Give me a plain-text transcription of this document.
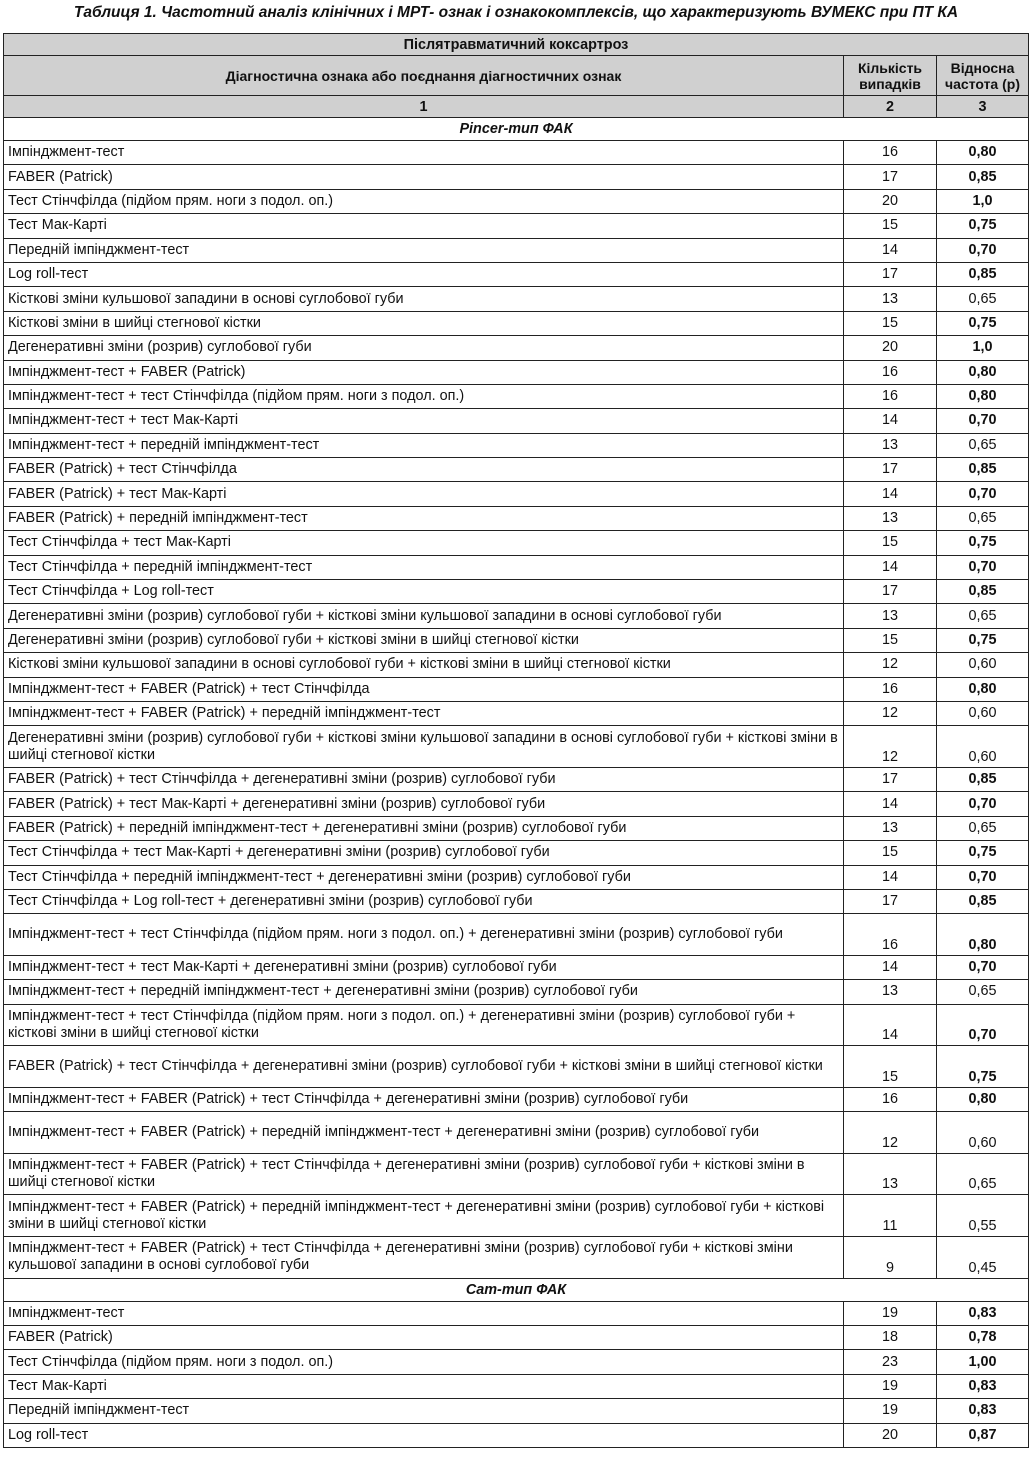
Таблиця 1. Частотний аналіз клінічних і МРТ- ознак і ознакокомплексів, що характеризують ВУМЕКС при ПТ КА
Післятравматичний коксартроз		
Діагностична ознака або поєднання діагностичних ознак	Кількість випадків	Відносна частота (p)
1	2	3
Pincer-тип ФАК		
Імпінджмент-тест	16	0,80
FABER (Patrick)	17	0,85
Тест Стінчфілда (підйом прям. ноги з подол. оп.)	20	1,0
Тест Мак-Карті	15	0,75
Передній імпінджмент-тест	14	0,70
Log roll-тест	17	0,85
Кісткові зміни кульшової западини в основі суглобової губи	13	0,65
Кісткові зміни в шийці стегнової кістки	15	0,75
Дегенеративні зміни (розрив) суглобової губи	20	1,0
Імпінджмент-тест + FABER (Patrick)	16	0,80
Імпінджмент-тест + тест Стінчфілда (підйом прям. ноги з подол. оп.)	16	0,80
Імпінджмент-тест + тест Мак-Карті	14	0,70
Імпінджмент-тест + передній імпінджмент-тест	13	0,65
FABER (Patrick) + тест Стінчфілда	17	0,85
FABER (Patrick) + тест Мак-Карті	14	0,70
FABER (Patrick) + передній імпінджмент-тест	13	0,65
Тест Стінчфілда + тест Мак-Карті	15	0,75
Тест Стінчфілда + передній імпінджмент-тест	14	0,70
Тест Стінчфілда + Log roll-тест	17	0,85
Дегенеративні зміни (розрив) суглобової губи + кісткові зміни кульшової западини в основі суглобової губи	13	0,65
Дегенеративні зміни (розрив) суглобової губи + кісткові зміни в шийці стегнової кістки	15	0,75
Кісткові зміни кульшової западини в основі суглобової губи + кісткові зміни в шийці стегнової кістки	12	0,60
Імпінджмент-тест + FABER (Patrick) + тест Стінчфілда	16	0,80
Імпінджмент-тест + FABER (Patrick) + передній імпінджмент-тест	12	0,60
Дегенеративні зміни (розрив) суглобової губи + кісткові зміни кульшової западини в основі суглобової губи + кісткові зміни в шийці стегнової кістки	12	0,60
FABER (Patrick) + тест Стінчфілда + дегенеративні зміни (розрив) суглобової губи	17	0,85
FABER (Patrick) + тест Мак-Карті + дегенеративні зміни (розрив) суглобової губи	14	0,70
FABER (Patrick) + передній імпінджмент-тест + дегенеративні зміни (розрив) суглобової губи	13	0,65
Тест Стінчфілда + тест Мак-Карті + дегенеративні зміни (розрив) суглобової губи	15	0,75
Тест Стінчфілда + передній імпінджмент-тест + дегенеративні зміни (розрив) суглобової губи	14	0,70
Тест Стінчфілда + Log roll-тест + дегенеративні зміни (розрив) суглобової губи	17	0,85
Імпінджмент-тест + тест Стінчфілда (підйом прям. ноги з подол. оп.) + дегенеративні зміни (розрив) суглобової губи	16	0,80
Імпінджмент-тест + тест Мак-Карті + дегенеративні зміни (розрив) суглобової губи	14	0,70
Імпінджмент-тест + передній імпінджмент-тест + дегенеративні зміни (розрив) суглобової губи	13	0,65
Імпінджмент-тест + тест Стінчфілда (підйом прям. ноги з подол. оп.) + дегенеративні зміни (розрив) суглобової губи + кісткові зміни в шийці стегнової кістки	14	0,70
FABER (Patrick) + тест Стінчфілда + дегенеративні зміни (розрив) суглобової губи + кісткові зміни в шийці стегнової кістки	15	0,75
Імпінджмент-тест + FABER (Patrick) + тест Стінчфілда + дегенеративні зміни (розрив) суглобової губи	16	0,80
Імпінджмент-тест + FABER (Patrick) + передній імпінджмент-тест + дегенеративні зміни (розрив) суглобової губи	12	0,60
Імпінджмент-тест + FABER (Patrick) + тест Стінчфілда + дегенеративні зміни (розрив) суглобової губи + кісткові зміни в шийці стегнової кістки	13	0,65
Імпінджмент-тест + FABER (Patrick) + передній імпінджмент-тест + дегенеративні зміни (розрив) суглобової губи + кісткові зміни в шийці стегнової кістки	11	0,55
Імпінджмент-тест + FABER (Patrick) + тест Стінчфілда + дегенеративні зміни (розрив) суглобової губи + кісткові зміни кульшової западини в основі суглобової губи	9	0,45
Cam-тип ФАК		
Імпінджмент-тест	19	0,83
FABER (Patrick)	18	0,78
Тест Стінчфілда (підйом прям. ноги з подол. оп.)	23	1,00
Тест Мак-Карті	19	0,83
Передній імпінджмент-тест	19	0,83
Log roll-тест	20	0,87
